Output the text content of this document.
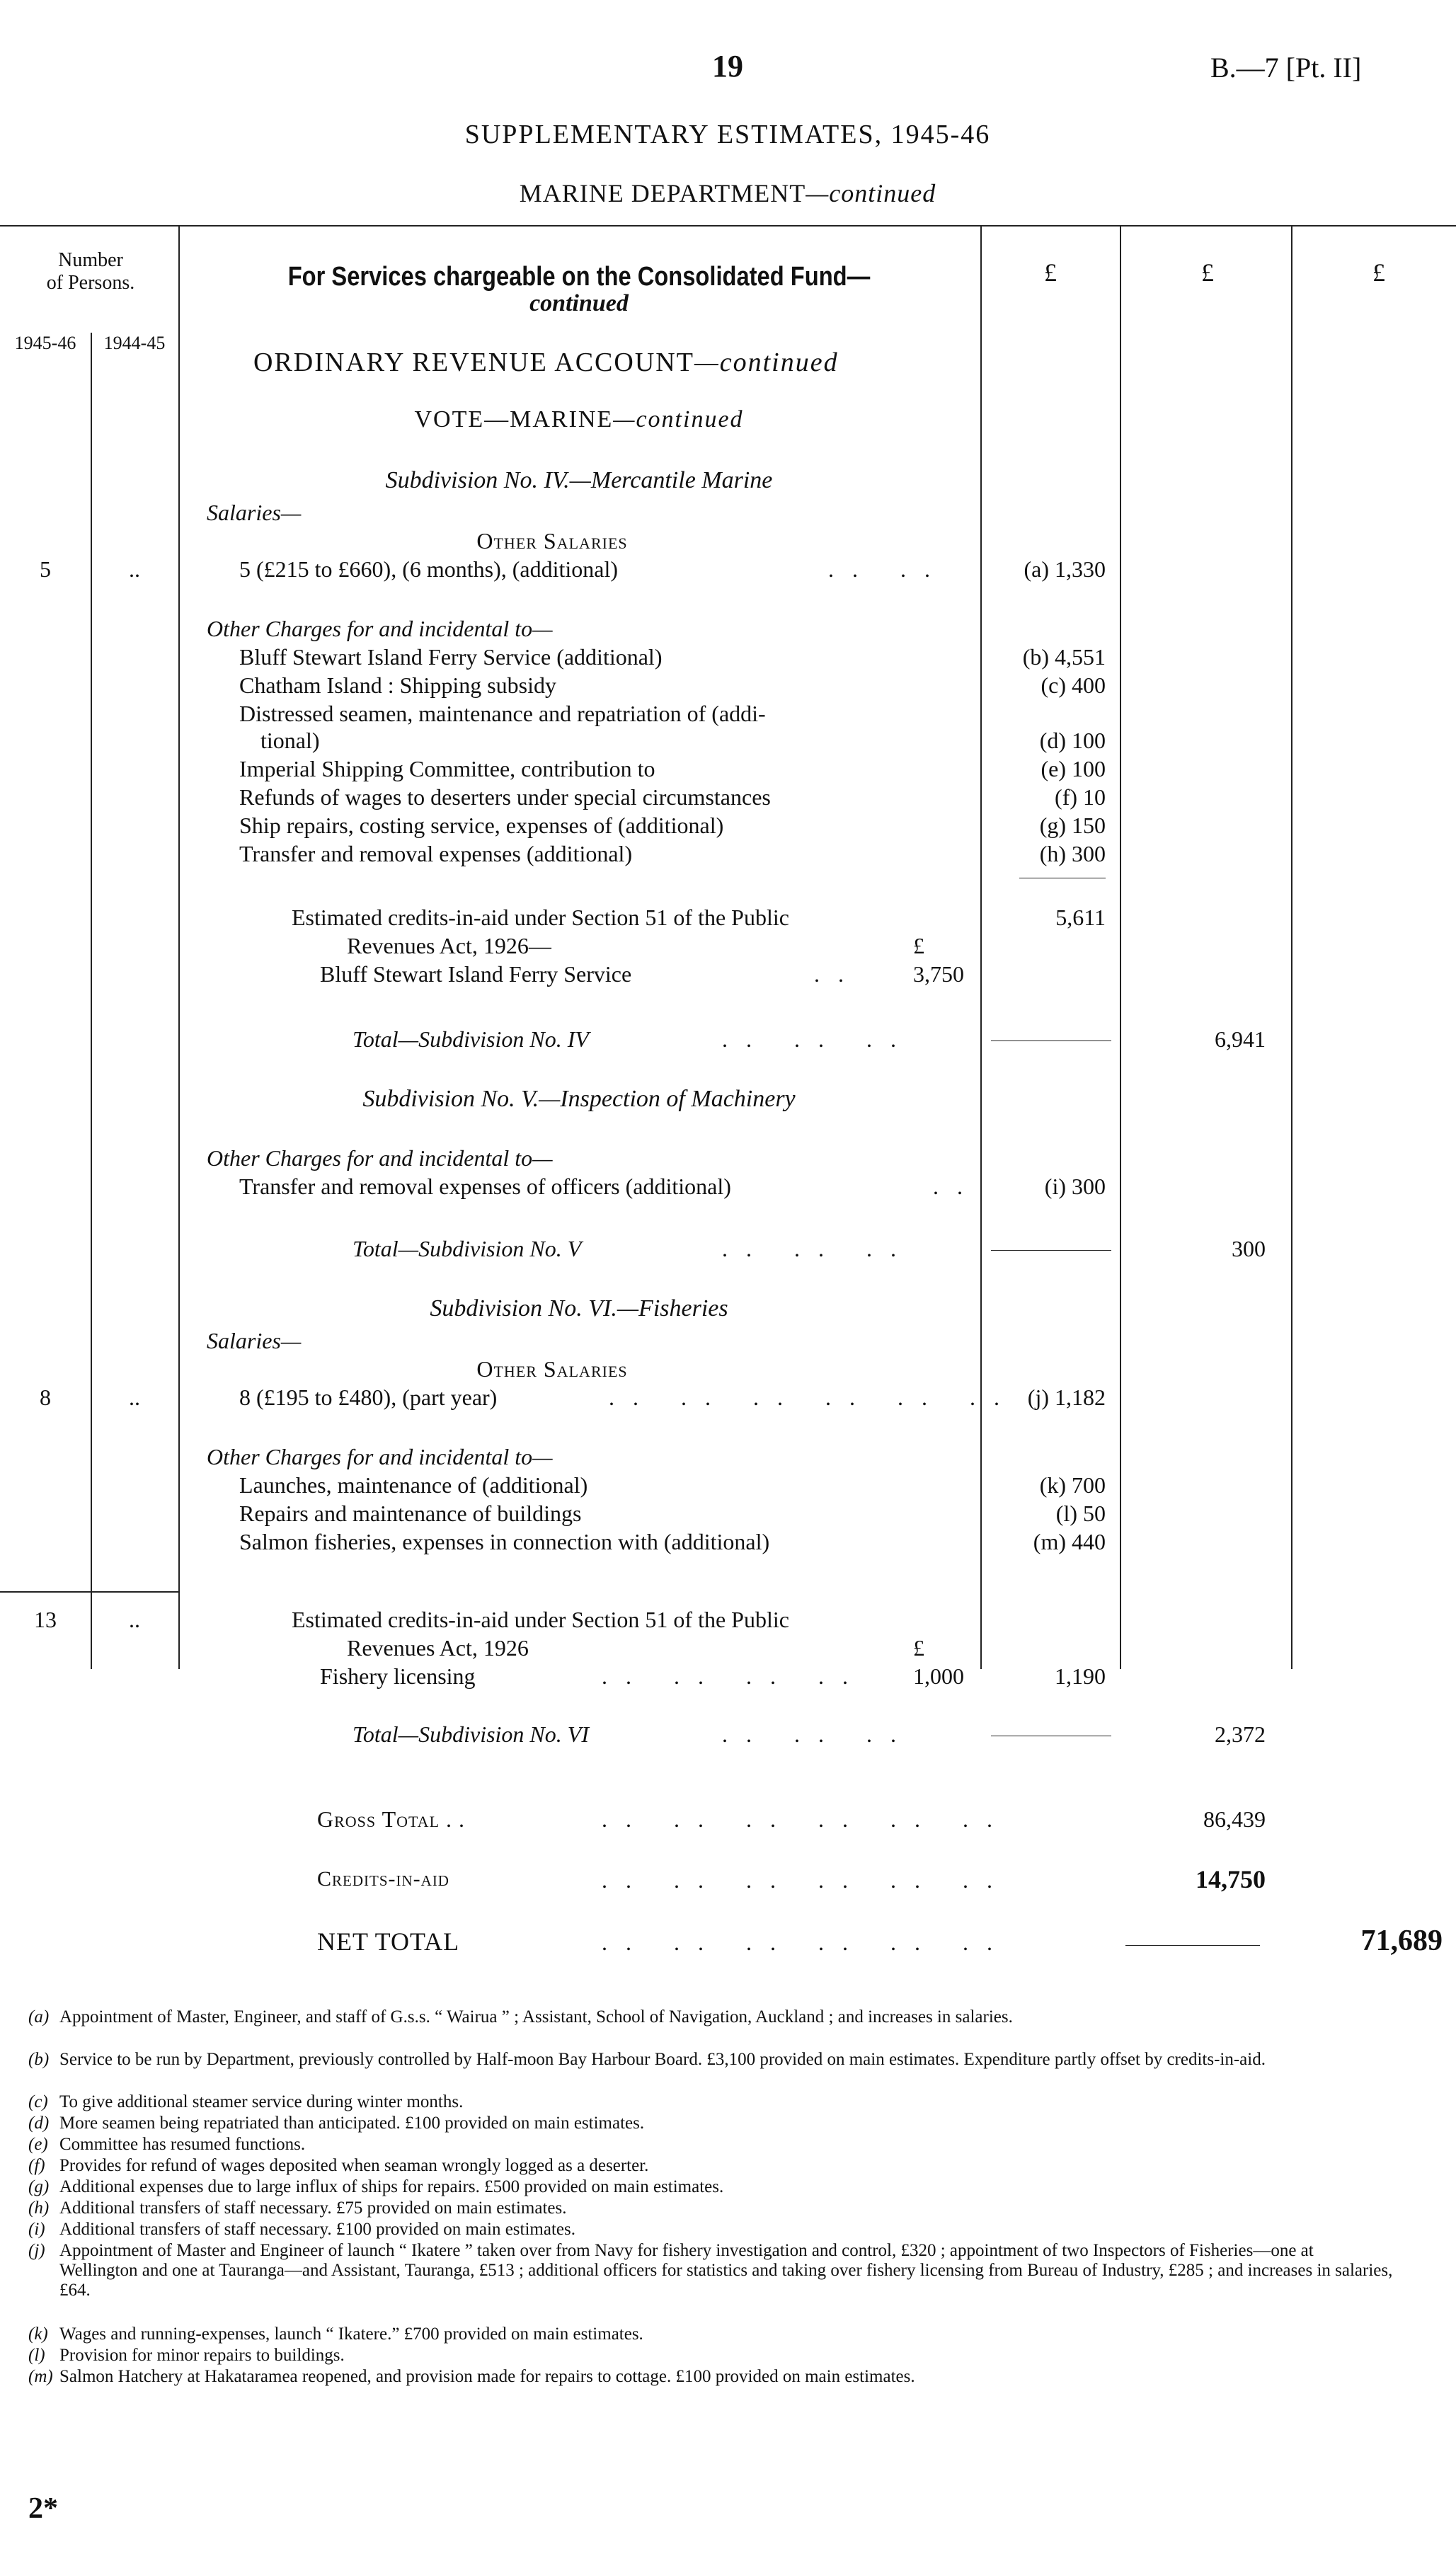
19	B.—7 [Pt. II]
SUPPLEMENTARY ESTIMATES, 1945-46
MARINE DEPARTMENT—continued
Number
of Persons.
1945-46 1944-45
For Services chargeable on the Consolidated Fund—
continued
£	£	£
ORDINARY REVENUE ACCOUNT—continued
VOTE—MARINE—continued
Subdivision No. IV.—Mercantile Marine
Salaries—
Other Salaries
5	..	5 (£215 to £660), (6 months), (additional)	.. ..	(a) 1,330
Other Charges for and incidental to—
Bluff Stewart Island Ferry Service (additional)	(b) 4,551
Chatham Island : Shipping subsidy	(c) 400
Distressed seamen, maintenance and repatriation of (addi-
tional)	(d) 100
Imperial Shipping Committee, contribution to	(e) 100
Refunds of wages to deserters under special circumstances	(f) 10
Ship repairs, costing service, expenses of (additional)	(g) 150
Transfer and removal expenses (additional)	(h) 300
Estimated credits-in-aid under Section 51 of the Public	5,611
Revenues Act, 1926—	£
Bluff Stewart Island Ferry Service	.. 3,750
Total—Subdivision No. IV	.. .. ..	6,941
Subdivision No. V.—Inspection of Machinery
Other Charges for and incidental to—
Transfer and removal expenses of officers (additional)	..	(i) 300
Total—Subdivision No. V	.. .. ..	300
Subdivision No. VI.—Fisheries
Salaries—
Other Salaries
8	..	8 (£195 to £480), (part year)	.. .. .. .. .. .. (j) 1,182
Other Charges for and incidental to—
Launches, maintenance of (additional)	(k) 700
Repairs and maintenance of buildings	(l) 50
Salmon fisheries, expenses in connection with (additional)	(m) 440
13	..	Estimated credits-in-aid under Section 51 of the Public
Revenues Act, 1926	£
Fishery licensing	.. .. .. .. 1,000	1,190
Total—Subdivision No. VI	.. .. ..	2,372
Gross Total . .	.. .. .. .. .. ..	86,439
Credits-in-aid	.. .. .. .. .. ..	14,750
NET TOTAL	.. .. .. .. .. ..	71,689
(a) Appointment of Master, Engineer, and staff of G.s.s. “ Wairua ” ; Assistant, School of Navigation, Auckland ; and increases in salaries.
(b) Service to be run by Department, previously controlled by Half-moon Bay Harbour Board. £3,100 provided on main estimates. Expenditure partly offset by credits-in-aid.
(c) To give additional steamer service during winter months.
(d) More seamen being repatriated than anticipated. £100 provided on main estimates.
(e) Committee has resumed functions.
(f) Provides for refund of wages deposited when seaman wrongly logged as a deserter.
(g) Additional expenses due to large influx of ships for repairs. £500 provided on main estimates.
(h) Additional transfers of staff necessary. £75 provided on main estimates.
(i) Additional transfers of staff necessary. £100 provided on main estimates.
(j) Appointment of Master and Engineer of launch “ Ikatere ” taken over from Navy for fishery investigation and control, £320 ; appointment of two Inspectors of Fisheries—one at Wellington and one at Tauranga—and Assistant, Tauranga, £513 ; additional officers for statistics and taking over fishery licensing from Bureau of Industry, £285 ; and increases in salaries, £64.
(k) Wages and running-expenses, launch “ Ikatere.” £700 provided on main estimates.
(l) Provision for minor repairs to buildings.
(m) Salmon Hatchery at Hakataramea reopened, and provision made for repairs to cottage. £100 provided on main estimates.
2*
